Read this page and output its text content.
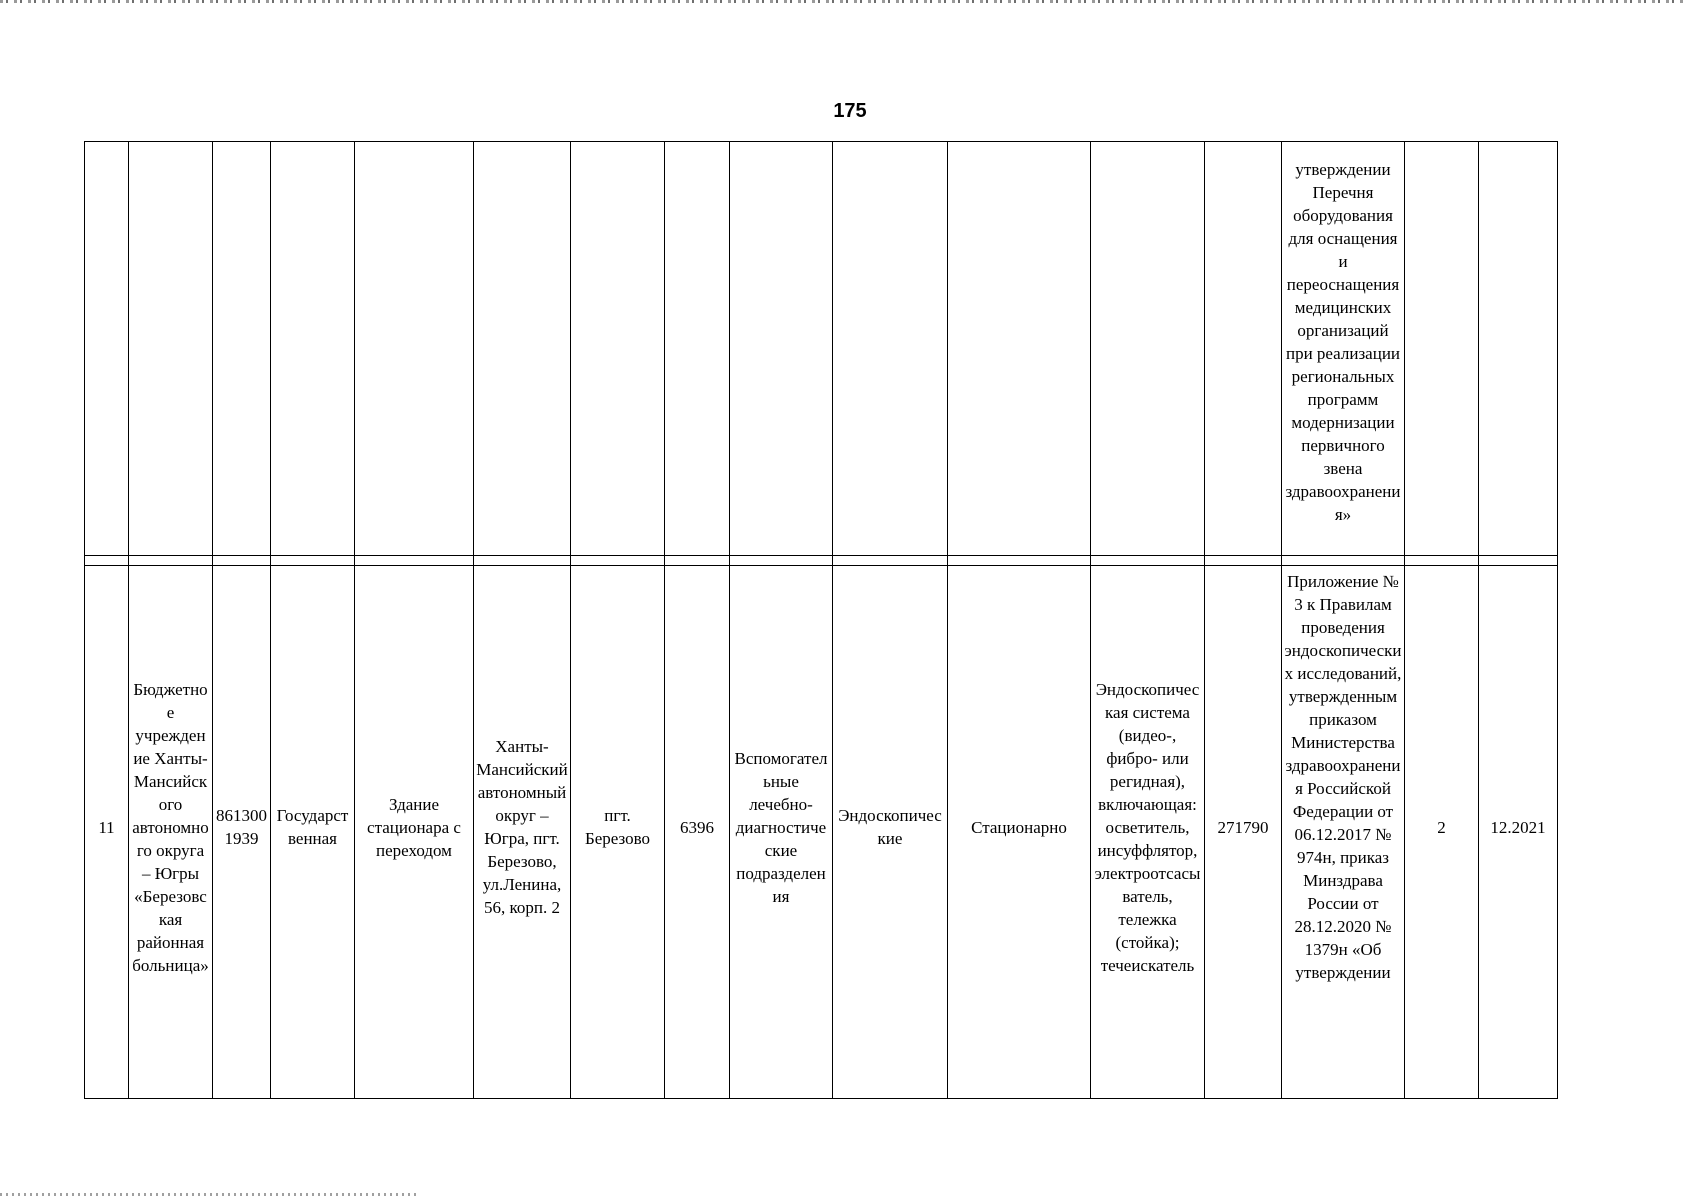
175
													утверждении Перечня оборудования для оснащения и переоснащения медицинских организаций при реализации региональных программ модернизации первичного звена здравоохранения»		
11	Бюджетное учреждение Ханты-Мансийского автономного округа – Югры «Березовская районная больница»	8613001939	Государственная	Здание стационара с переходом	Ханты-Мансийский автономный округ – Югра, пгт. Березово, ул.Ленина, 56, корп. 2	пгт. Березово	6396	Вспомогательные лечебно-диагностические подразделения	Эндоскопические	Стационарно	Эндоскопическая система (видео-, фибро- или регидная), включающая: осветитель, инсуффлятор, электроотсасыватель, тележка (стойка); течеискатель	271790	Приложение № 3 к Правилам проведения эндоскопических исследований, утвержденным приказом Министерства здравоохранения Российской Федерации от 06.12.2017 № 974н, приказ Минздрава России от 28.12.2020 № 1379н «Об утверждении	2	12.2021
